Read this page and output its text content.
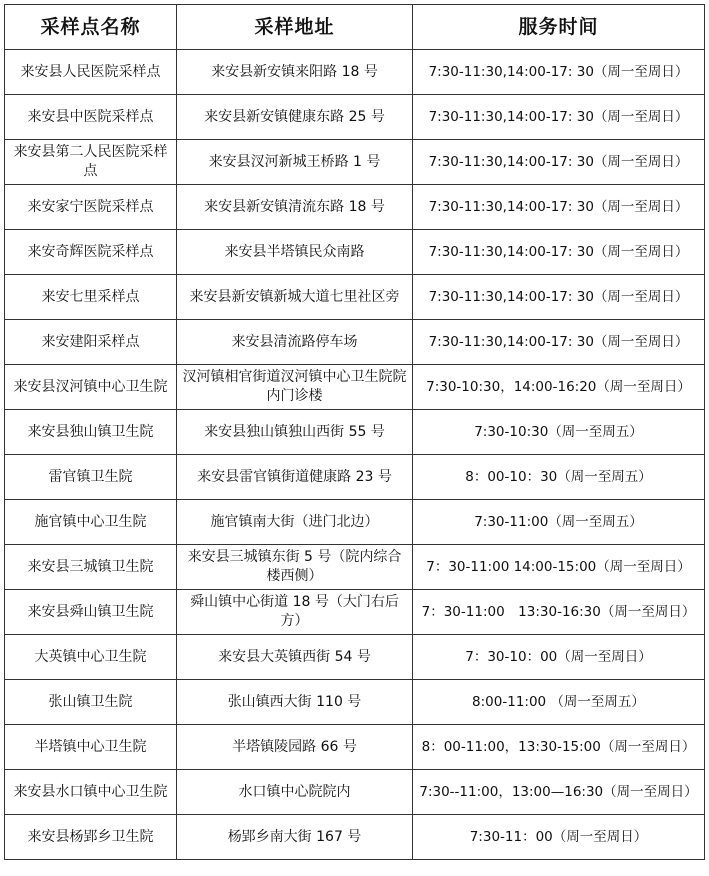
采样点名称	采样地址	服务时间
来安县人民医院采样点	来安县新安镇来阳路 18 号	7:30-11:30,14:00-17: 30（周一至周日）
来安县中医院采样点	来安县新安镇健康东路 25 号	7:30-11:30,14:00-17: 30（周一至周日）
来安县第二人民医院采样点	来安县汊河新城王桥路 1 号	7:30-11:30,14:00-17: 30（周一至周日）
来安家宁医院采样点	来安县新安镇清流东路 18 号	7:30-11:30,14:00-17: 30（周一至周日）
来安奇辉医院采样点	来安县半塔镇民众南路	7:30-11:30,14:00-17: 30（周一至周日）
来安七里采样点	来安县新安镇新城大道七里社区旁	7:30-11:30,14:00-17: 30（周一至周日）
来安建阳采样点	来安县清流路停车场	7:30-11:30,14:00-17: 30（周一至周日）
来安县汊河镇中心卫生院	汊河镇相官街道汊河镇中心卫生院院内门诊楼	7:30-10:30，14:00-16:20（周一至周日）
来安县独山镇卫生院	来安县独山镇独山西街 55 号	7:30-10:30（周一至周五）
雷官镇卫生院	来安县雷官镇街道健康路 23 号	8：00-10：30（周一至周五）
施官镇中心卫生院	施官镇南大街（进门北边）	7:30-11:00（周一至周五）
来安县三城镇卫生院	来安县三城镇东街 5 号（院内综合楼西侧）	7：30-11:00 14:00-15:00（周一至周日）
来安县舜山镇卫生院	舜山镇中心街道 18 号（大门右后方）	7：30-11:00　13:30-16:30（周一至周日）
大英镇中心卫生院	来安县大英镇西街 54 号	7：30-10：00（周一至周日）
张山镇卫生院	张山镇西大街 110 号	8:00-11:00 （周一至周五）
半塔镇中心卫生院	半塔镇陵园路 66 号	8：00-11:00，13:30-15:00（周一至周日）
来安县水口镇中心卫生院	水口镇中心院院内	7:30--11:00，13:00—16:30（周一至周日）
来安县杨郢乡卫生院	杨郢乡南大街 167 号	7:30-11：00（周一至周日）
